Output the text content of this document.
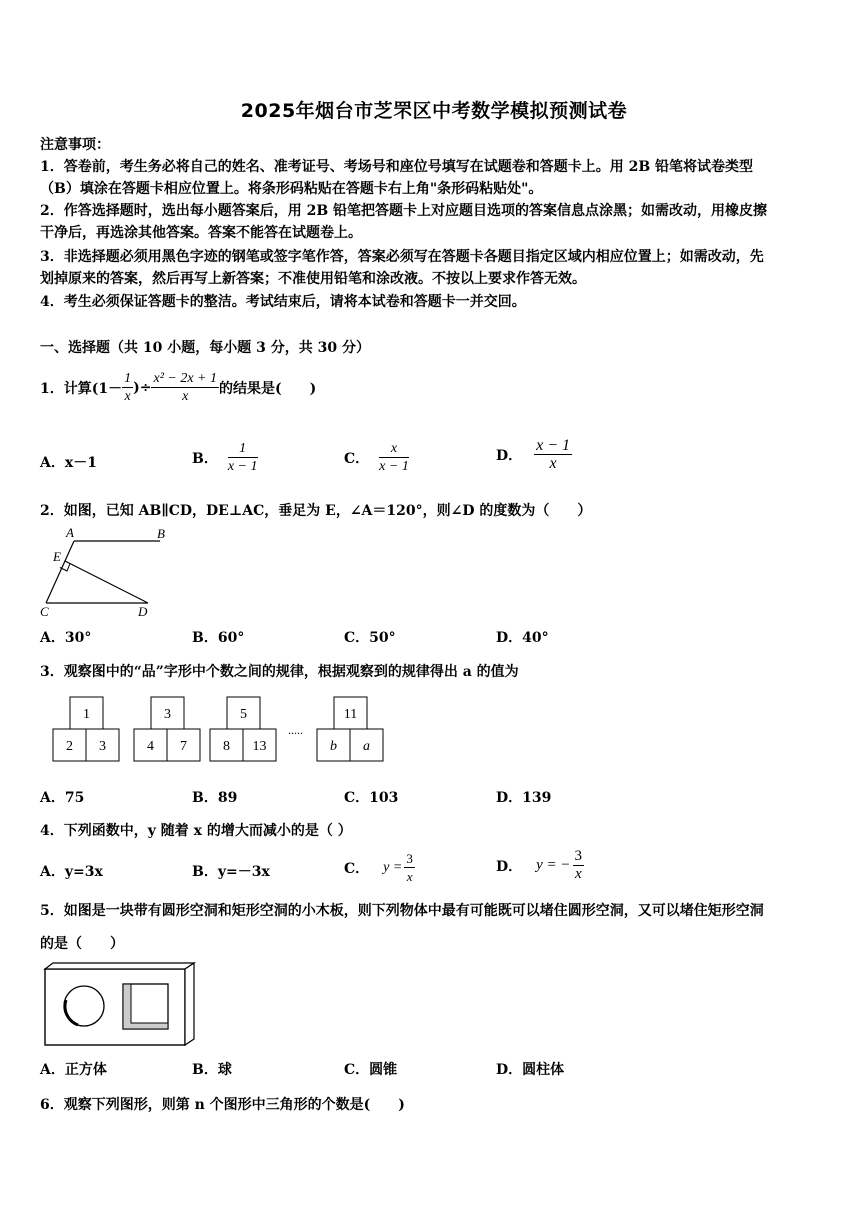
2025年烟台市芝罘区中考数学模拟预测试卷
注意事项：
1．答卷前，考生务必将自己的姓名、准考证号、考场号和座位号填写在试题卷和答题卡上。用 2B 铅笔将试卷类型
（B）填涂在答题卡相应位置上。将条形码粘贴在答题卡右上角"条形码粘贴处"。
2．作答选择题时，选出每小题答案后，用 2B 铅笔把答题卡上对应题目选项的答案信息点涂黑；如需改动，用橡皮擦
干净后，再选涂其他答案。答案不能答在试题卷上。
3．非选择题必须用黑色字迹的钢笔或签字笔作答，答案必须写在答题卡各题目指定区域内相应位置上；如需改动，先
划掉原来的答案，然后再写上新答案；不准使用铅笔和涂改液。不按以上要求作答无效。
4．考生必须保证答题卡的整洁。考试结束后，请将本试卷和答题卡一并交回。
一、选择题（共 10 小题，每小题 3 分，共 30 分）
1． 计算($1- \frac{1}{x}$ )÷ $\frac{\text{x² − 2x + 1}}{x}$ 的结果是(　　)
A．x－1	B． $\frac{1}{x - 1}$	C． $\frac{x}{x - 1}$	D． $\frac{x - 1}{x}$
2．如图，已知 AB∥CD，DE⊥AC，垂足为 E，∠A＝120°，则∠D 的度数为（　　）
A	B
E
C	D
A．30°	B．60°	C．50°	D．40°
3．观察图中的“品”字形中个数之间的规律，根据观察到的规律得出 a 的值为
1
2 3
3
4 7
5
8 13
.....
11
b a
A．75	B．89	C．103	D．139
4．下列函数中，y 随着 x 的增大而减小的是（ ）
A．y=3x	B．y=－3x	C． $y = \frac{3}{x}$	D． y = − $\frac{3}{x}$
5．如图是一块带有圆形空洞和矩形空洞的小木板，则下列物体中最有可能既可以堵住圆形空洞，又可以堵住矩形空洞
的是（　　）
A．正方体	B．球	C．圆锥	D．圆柱体
6．观察下列图形，则第 n 个图形中三角形的个数是(　　)
